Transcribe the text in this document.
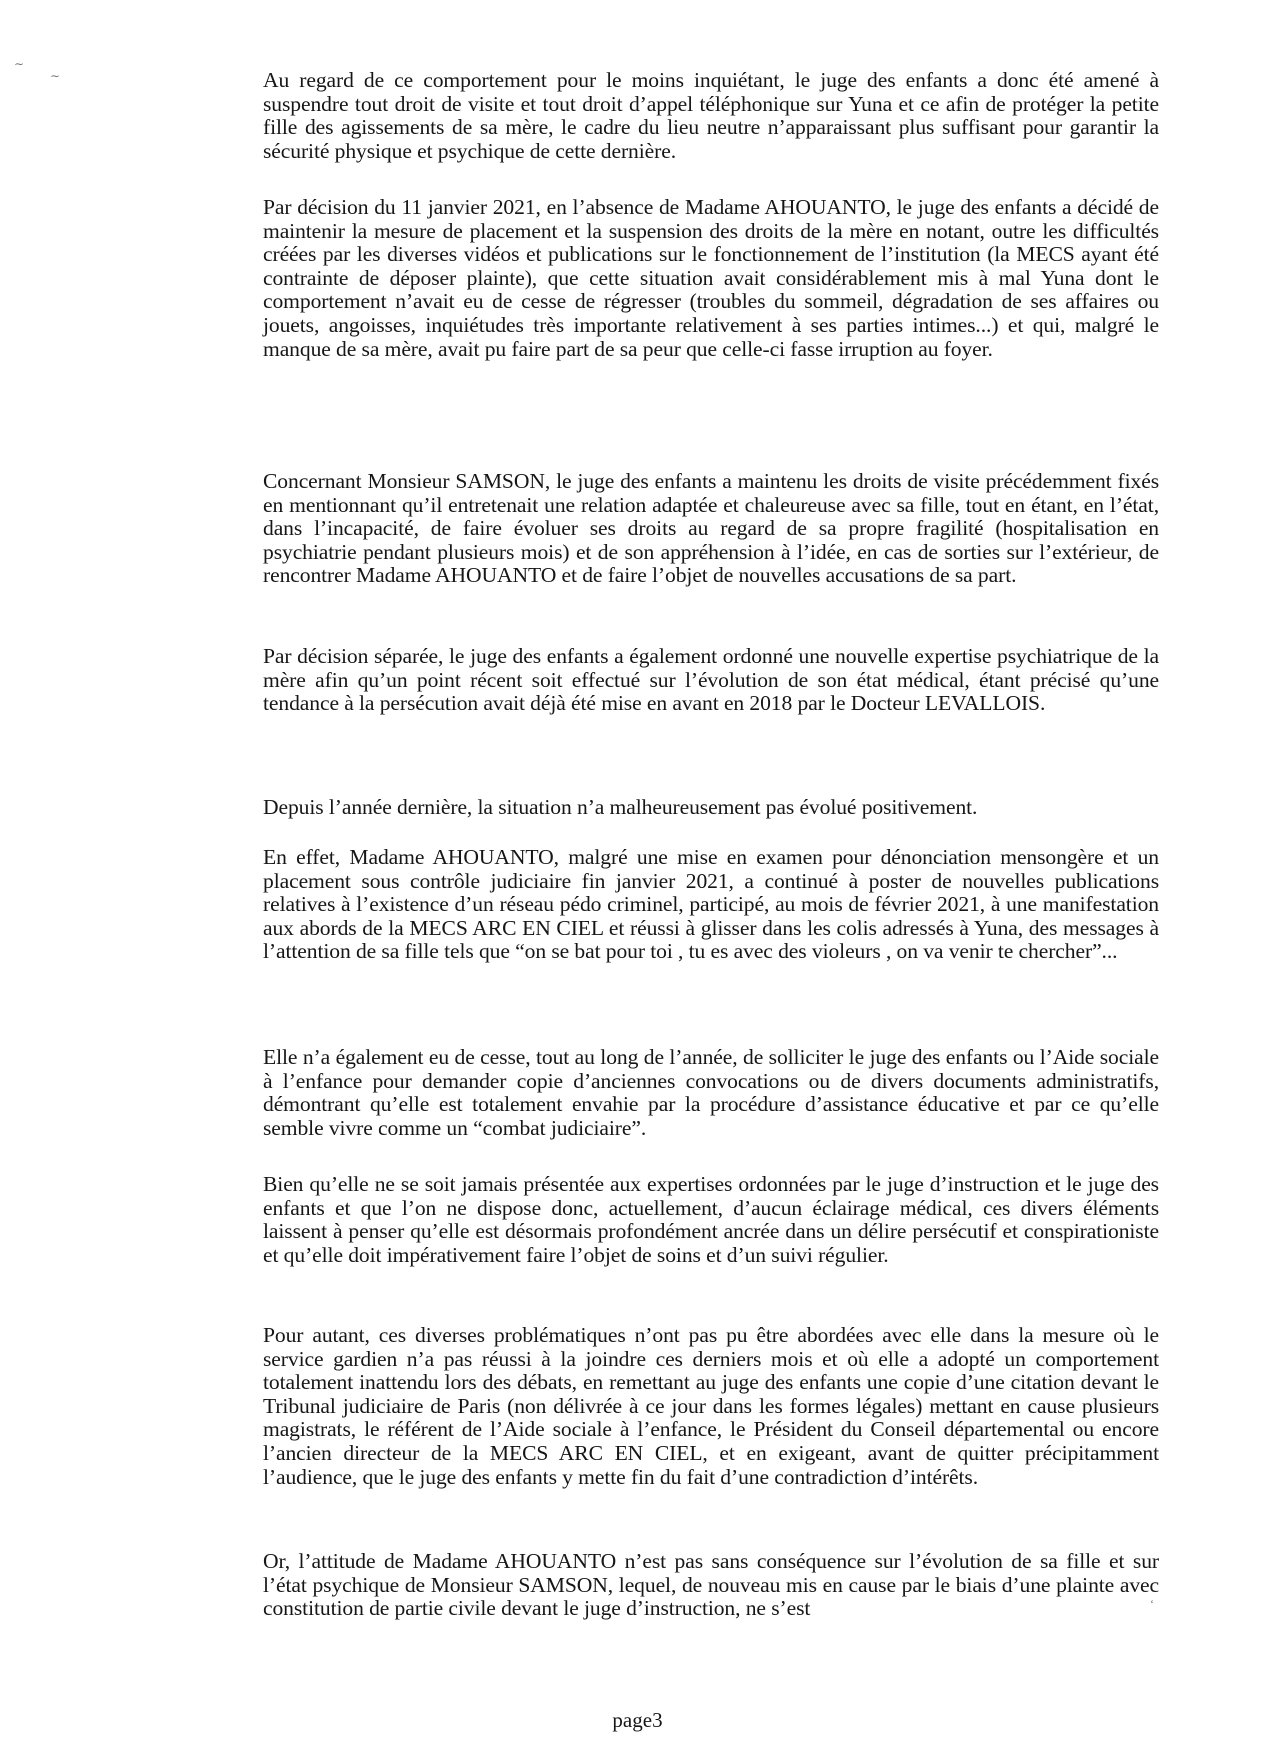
Au regard de ce comportement pour le moins inquiétant, le juge des enfants a donc été amené à suspendre tout droit de visite et tout droit d’appel téléphonique sur Yuna et ce afin de protéger la petite fille des agissements de sa mère, le cadre du lieu neutre n’apparaissant plus suffisant pour garantir la sécurité physique et psychique de cette dernière.

Par décision du 11 janvier 2021, en l’absence de Madame AHOUANTO, le juge des enfants a décidé de maintenir la mesure de placement et la suspension des droits de la mère en notant, outre les difficultés créées par les diverses vidéos et publications sur le fonctionnement de l’institution (la MECS ayant été contrainte de déposer plainte), que cette situation avait considérablement mis à mal Yuna dont le comportement n’avait eu de cesse de régresser (troubles du sommeil, dégradation de ses affaires ou jouets, angoisses, inquiétudes très importante relativement à ses parties intimes...) et qui, malgré le manque de sa mère, avait pu faire part de sa peur que celle-ci fasse irruption au foyer.

Concernant Monsieur SAMSON, le juge des enfants a maintenu les droits de visite précédemment fixés en mentionnant qu’il entretenait une relation adaptée et chaleureuse avec sa fille, tout en étant, en l’état, dans l’incapacité, de faire évoluer ses droits au regard de sa propre fragilité (hospitalisation en psychiatrie pendant plusieurs mois) et de son appréhension à l’idée, en cas de sorties sur l’extérieur, de rencontrer Madame AHOUANTO et de faire l’objet de nouvelles accusations de sa part.

Par décision séparée, le juge des enfants a également ordonné une nouvelle expertise psychiatrique de la mère afin qu’un point récent soit effectué sur l’évolution de son état médical, étant précisé qu’une tendance à la persécution avait déjà été mise en avant en 2018 par le Docteur LEVALLOIS.

Depuis l’année dernière, la situation n’a malheureusement pas évolué positivement.

En effet, Madame AHOUANTO, malgré une mise en examen pour dénonciation mensongère et un placement sous contrôle judiciaire fin janvier 2021, a continué à poster de nouvelles publications relatives à l’existence d’un réseau pédo criminel, participé, au mois de février 2021, à une manifestation aux abords de la MECS ARC EN CIEL et réussi à glisser dans les colis adressés à Yuna, des messages à l’attention de sa fille tels que “on se bat pour toi , tu es avec des violeurs , on va venir te chercher”...

Elle n’a également eu de cesse, tout au long de l’année, de solliciter le juge des enfants ou l’Aide sociale à l’enfance pour demander copie d’anciennes convocations ou de divers documents administratifs, démontrant qu’elle est totalement envahie par la procédure d’assistance éducative et par ce qu’elle semble vivre comme un “combat judiciaire”.

Bien qu’elle ne se soit jamais présentée aux expertises ordonnées par le juge d’instruction et le juge des enfants et que l’on ne dispose donc, actuellement, d’aucun éclairage médical, ces divers éléments laissent à penser qu’elle est désormais profondément ancrée dans un délire persécutif et conspirationiste et qu’elle doit impérativement faire l’objet de soins et d’un suivi régulier.

Pour autant, ces diverses problématiques n’ont pas pu être abordées avec elle dans la mesure où le service gardien n’a pas réussi à la joindre ces derniers mois et où elle a adopté un comportement totalement inattendu lors des débats, en remettant au juge des enfants une copie d’une citation devant le Tribunal judiciaire de Paris (non délivrée à ce jour dans les formes légales) mettant en cause plusieurs magistrats, le référent de l’Aide sociale à l’enfance, le Président du Conseil départemental ou encore l’ancien directeur de la MECS ARC EN CIEL, et en exigeant, avant de quitter précipitamment l’audience, que le juge des enfants y mette fin du fait d’une contradiction d’intérêts.

Or, l’attitude de Madame AHOUANTO n’est pas sans conséquence sur l’évolution de sa fille et sur l’état psychique de Monsieur SAMSON, lequel, de nouveau mis en cause par le biais d’une plainte avec constitution de partie civile devant le juge d’instruction, ne s’est

page3
∼
∼
‘
